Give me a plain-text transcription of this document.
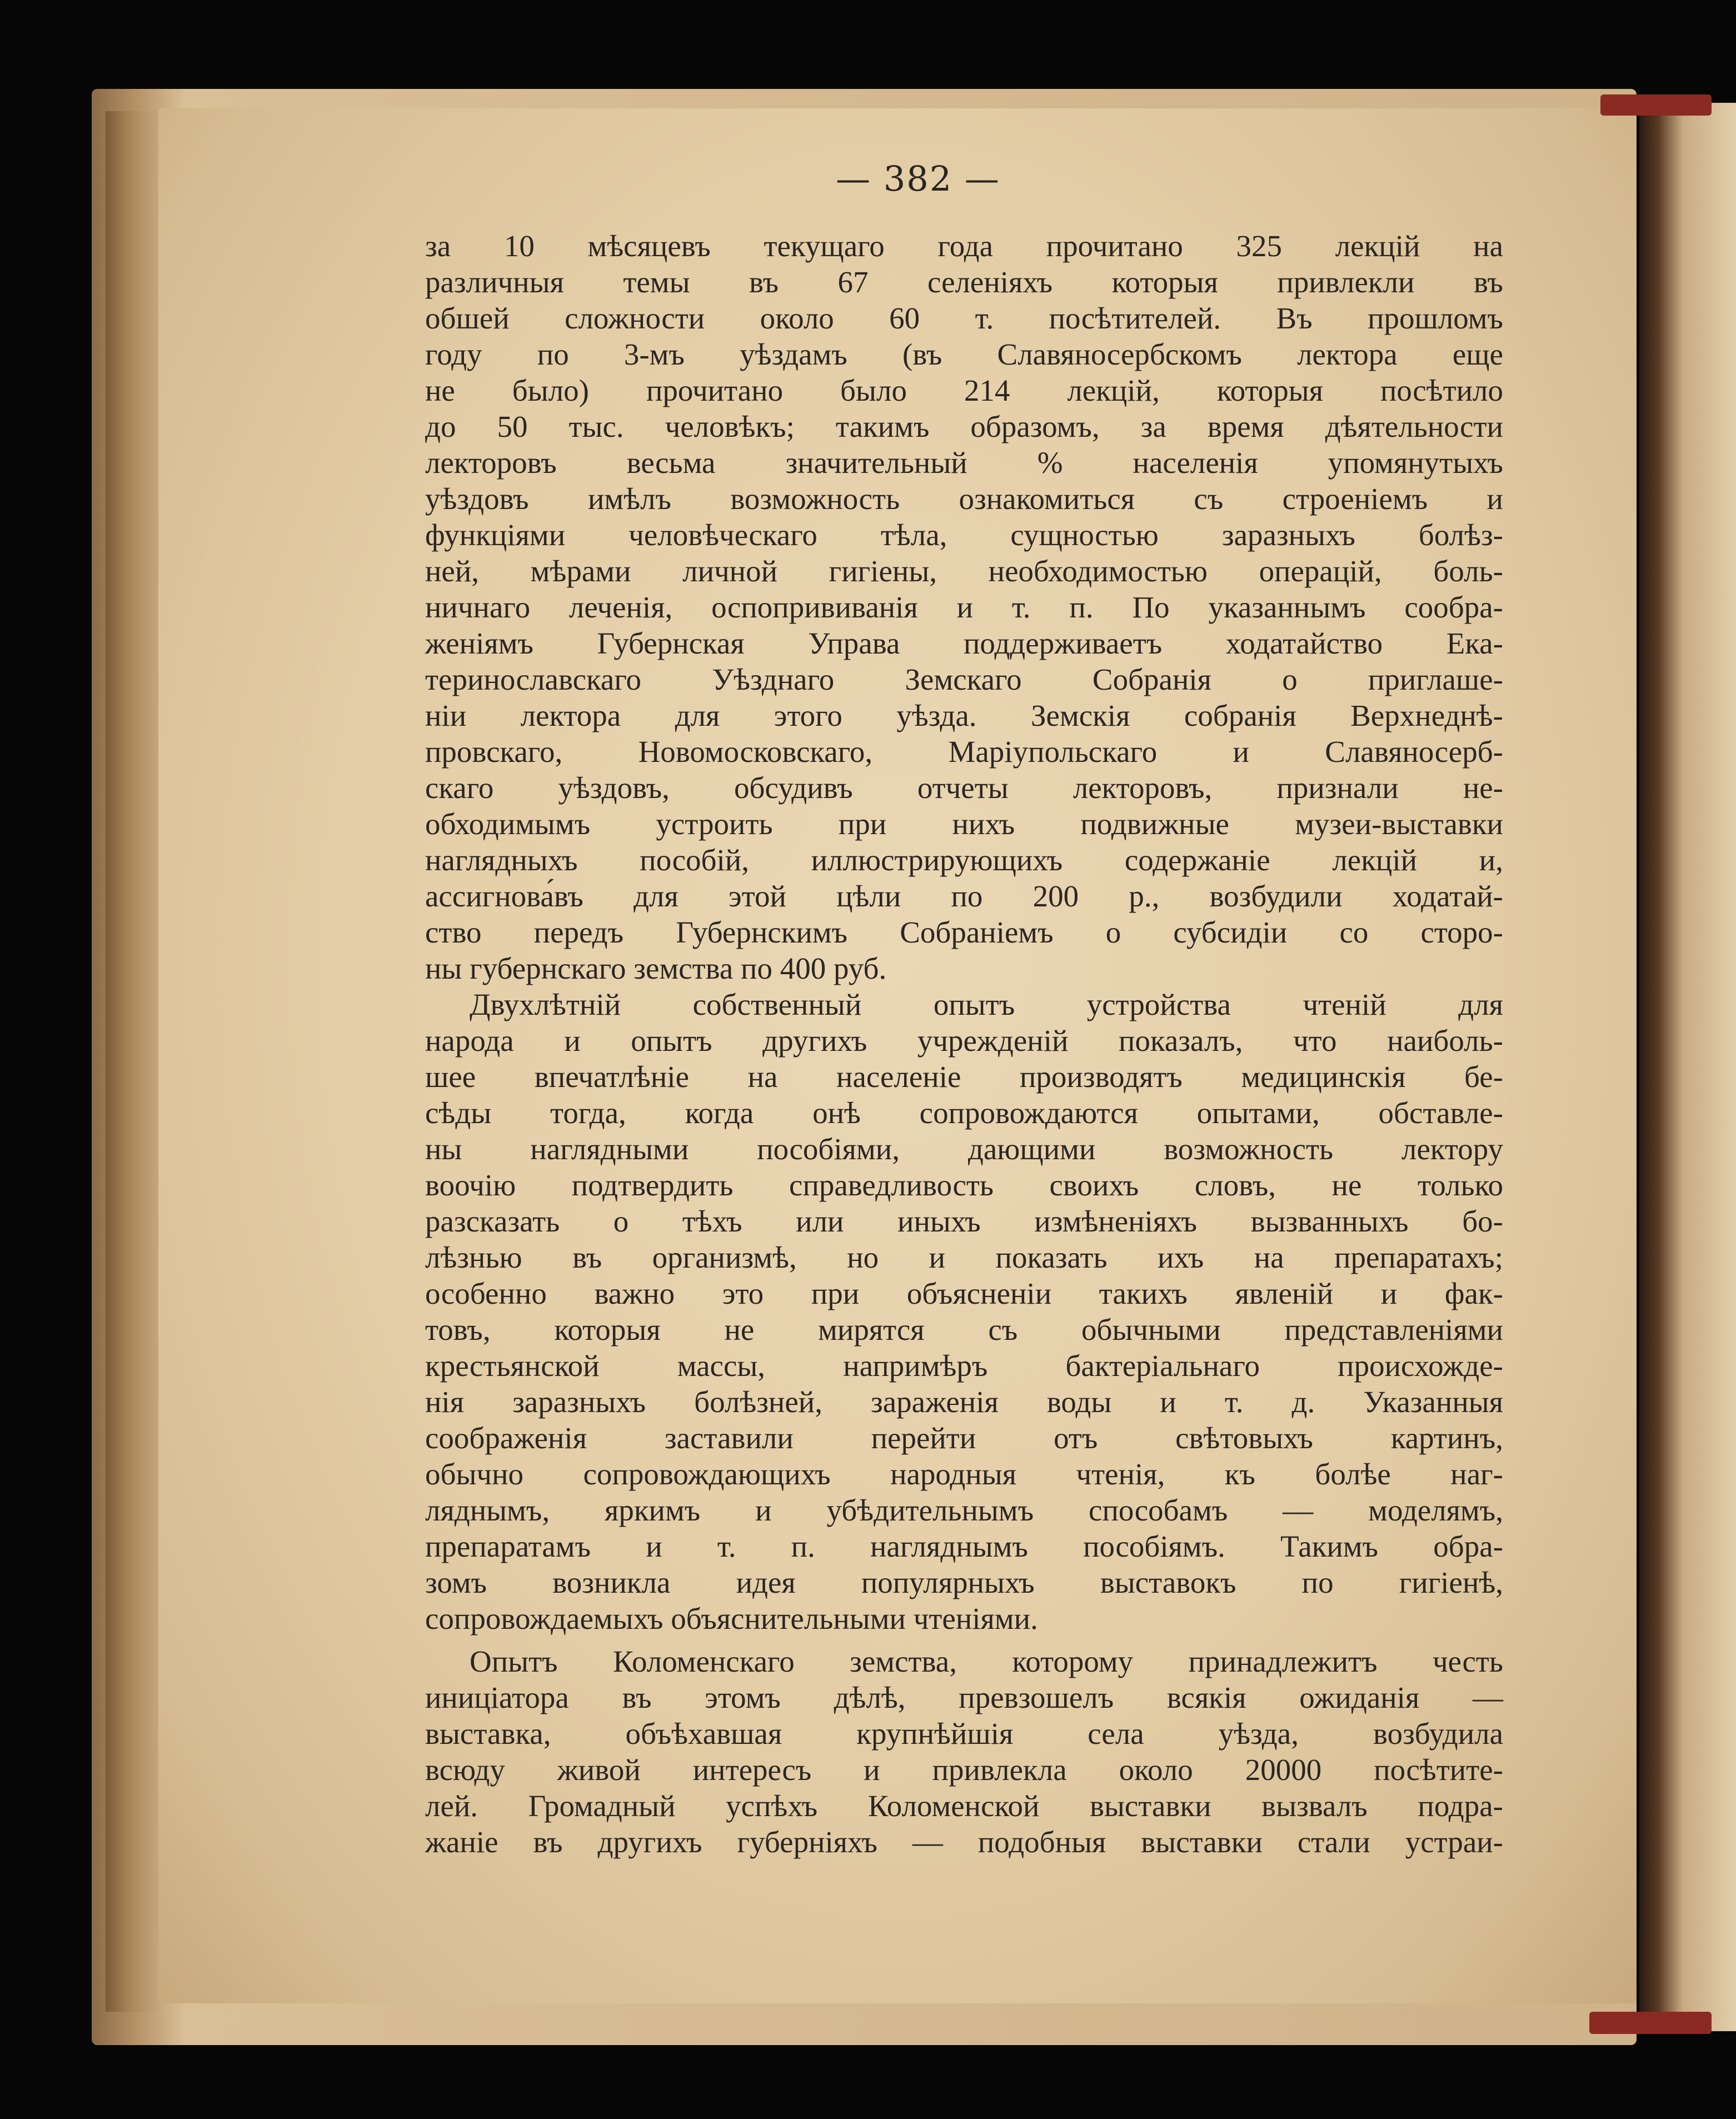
— 382 —
за 10 мѣсяцевъ текущаго года прочитано 325 лекцій на
различныя темы въ 67 селеніяхъ которыя привлекли въ
обшей сложности около 60 т. посѣтителей. Въ прошломъ
году по 3-мъ уѣздамъ (въ Славяносербскомъ лектора еще
не было) прочитано было 214 лекцій, которыя посѣтило
до 50 тыс. человѣкъ; такимъ образомъ, за время дѣятельности
лекторовъ весьма значительный % населенія упомянутыхъ
уѣздовъ имѣлъ возможность ознакомиться съ строеніемъ и
функціями человѣческаго тѣла, сущностью заразныхъ болѣз-
ней, мѣрами личной гигіены, необходимостью операцій, боль-
ничнаго леченія, оспопрививанія и т. п. По указаннымъ сообра-
женіямъ Губернская Управа поддерживаетъ ходатайство Ека-
теринославскаго Уѣзднаго Земскаго Собранія о приглаше-
ніи лектора для этого уѣзда. Земскія собранія Верхнеднѣ-
провскаго, Новомосковскаго, Маріупольскаго и Славяносерб-
скаго уѣздовъ, обсудивъ отчеты лекторовъ, признали не-
обходимымъ устроить при нихъ подвижные музеи-выставки
наглядныхъ пособій, иллюстрирующихъ содержаніе лекцій и,
ассигнова́въ для этой цѣли по 200 р., возбудили ходатай-
ство передъ Губернскимъ Собраніемъ о субсидіи со сторо-
ны губернскаго земства по 400 руб.
Двухлѣтній собственный опытъ устройства чтеній для
народа и опытъ другихъ учрежденій показалъ, что наиболь-
шее впечатлѣніе на населеніе производятъ медицинскія бе-
сѣды тогда, когда онѣ сопровождаются опытами, обставле-
ны наглядными пособіями, дающими возможность лектору
воочію подтвердить справедливость своихъ словъ, не только
разсказать о тѣхъ или иныхъ измѣненіяхъ вызванныхъ бо-
лѣзнью въ организмѣ, но и показать ихъ на препаратахъ;
особенно важно это при объясненіи такихъ явленій и фак-
товъ, которыя не мирятся съ обычными представленіями
крестьянской массы, напримѣръ бактеріальнаго происхожде-
нія заразныхъ болѣзней, зараженія воды и т. д. Указанныя
соображенія заставили перейти отъ свѣтовыхъ картинъ,
обычно сопровождающихъ народныя чтенія, къ болѣе наг-
ляднымъ, яркимъ и убѣдительнымъ способамъ — моделямъ,
препаратамъ и т. п. нагляднымъ пособіямъ. Такимъ обра-
зомъ возникла идея популярныхъ выставокъ по гигіенѣ,
сопровождаемыхъ объяснительными чтеніями.
Опытъ Коломенскаго земства, которому принадлежитъ честь
иниціатора въ этомъ дѣлѣ, превзошелъ всякія ожиданія —
выставка, объѣхавшая крупнѣйшія села уѣзда, возбудила
всюду живой интересъ и привлекла около 20000 посѣтите-
лей. Громадный успѣхъ Коломенской выставки вызвалъ подра-
жаніе въ другихъ губерніяхъ — подобныя выставки стали устраи-
